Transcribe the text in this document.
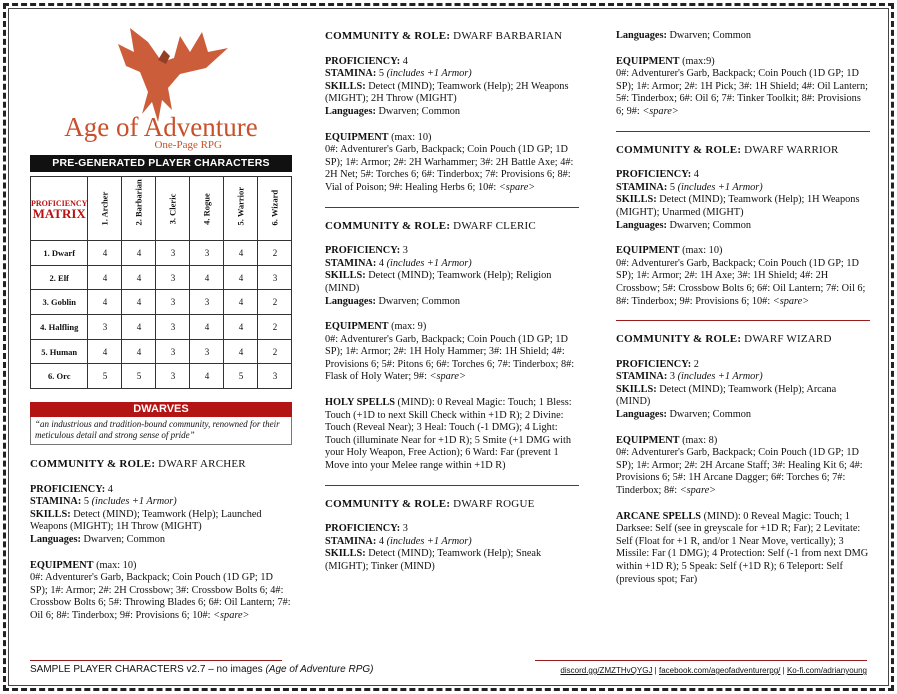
Age of Adventure
One-Page RPG
PRE-GENERATED PLAYER CHARACTERS
PROFICIENCY
MATRIX	1. Archer	2. Barbarian	3. Cleric	4. Rogue	5. Warrior	6. Wizard

1. Dwarf	4	4	3	3	4	2
2. Elf	4	4	3	4	4	3
3. Goblin	4	4	3	3	4	2
4. Halfling	3	4	3	4	4	2
5. Human	4	4	3	3	4	2
6. Orc	5	5	3	4	5	3
DWARVES
“an industrious and tradition-bound community, renowned for their meticulous detail and strong sense of pride”
COMMUNITY & ROLE: DWARF ARCHER
PROFICIENCY: 4
STAMINA: 5 (includes +1 Armor)
SKILLS: Detect (MIND); Teamwork (Help); Launched Weapons (MIGHT); 1H Throw (MIGHT)
Languages: Dwarven; Common
EQUIPMENT (max: 10)
0#: Adventurer's Garb, Backpack; Coin Pouch (1D GP; 1D SP); 1#: Armor; 2#: 2H Crossbow; 3#: Crossbow Bolts 6; 4#: Crossbow Bolts 6; 5#: Throwing Blades 6; 6#: Oil Lantern; 7#: Oil 6; 8#: Tinderbox; 9#: Provisions 6; 10#: <spare>
COMMUNITY & ROLE: DWARF BARBARIAN
PROFICIENCY: 4
STAMINA: 5 (includes +1 Armor)
SKILLS: Detect (MIND); Teamwork (Help); 2H Weapons (MIGHT); 2H Throw (MIGHT)
Languages: Dwarven; Common
EQUIPMENT (max: 10)
0#: Adventurer's Garb, Backpack; Coin Pouch (1D GP; 1D SP); 1#: Armor; 2#: 2H Warhammer; 3#: 2H Battle Axe; 4#: 2H Net; 5#: Torches 6; 6#: Tinderbox; 7#: Provisions 6; 8#: Vial of Poison; 9#: Healing Herbs 6; 10#: <spare>
COMMUNITY & ROLE: DWARF CLERIC
PROFICIENCY: 3
STAMINA: 4 (includes +1 Armor)
SKILLS: Detect (MIND); Teamwork (Help); Religion (MIND)
Languages: Dwarven; Common
EQUIPMENT (max: 9)
0#: Adventurer's Garb, Backpack; Coin Pouch (1D GP; 1D SP); 1#: Armor; 2#: 1H Holy Hammer; 3#: 1H Shield; 4#: Provisions 6; 5#: Pitons 6; 6#: Torches 6; 7#: Tinderbox; 8#: Flask of Holy Water; 9#: <spare>
HOLY SPELLS (MIND): 0 Reveal Magic: Touch; 1 Bless: Touch (+1D to next Skill Check within +1D R); 2 Divine: Touch (Reveal Near); 3 Heal: Touch (-1 DMG); 4 Light: Touch (illuminate Near for +1D R); 5 Smite (+1 DMG with your Holy Weapon, Free Action); 6 Ward: Far (prevent 1 Move into your Melee range within +1D R)
COMMUNITY & ROLE: DWARF ROGUE
PROFICIENCY: 3
STAMINA: 4 (includes +1 Armor)
SKILLS: Detect (MIND); Teamwork (Help); Sneak (MIGHT); Tinker (MIND)
Languages: Dwarven; Common
EQUIPMENT (max:9)
0#: Adventurer's Garb, Backpack; Coin Pouch (1D GP; 1D SP); 1#: Armor; 2#: 1H Pick; 3#: 1H Shield; 4#: Oil Lantern; 5#: Tinderbox; 6#: Oil 6; 7#: Tinker Toolkit; 8#: Provisions 6; 9#: <spare>
COMMUNITY & ROLE: DWARF WARRIOR
PROFICIENCY: 4
STAMINA: 5 (includes +1 Armor)
SKILLS: Detect (MIND); Teamwork (Help); 1H Weapons (MIGHT); Unarmed (MIGHT)
Languages: Dwarven; Common
EQUIPMENT (max: 10)
0#: Adventurer's Garb, Backpack; Coin Pouch (1D GP; 1D SP); 1#: Armor; 2#: 1H Axe; 3#: 1H Shield; 4#: 2H Crossbow; 5#: Crossbow Bolts 6; 6#: Oil Lantern; 7#: Oil 6; 8#: Tinderbox; 9#: Provisions 6; 10#: <spare>
COMMUNITY & ROLE: DWARF WIZARD
PROFICIENCY: 2
STAMINA: 3 (includes +1 Armor)
SKILLS: Detect (MIND); Teamwork (Help); Arcana (MIND)
Languages: Dwarven; Common
EQUIPMENT (max: 8)
0#: Adventurer's Garb, Backpack; Coin Pouch (1D GP; 1D SP); 1#: Armor; 2#: 2H Arcane Staff; 3#: Healing Kit 6; 4#: Provisions 6; 5#: 1H Arcane Dagger; 6#: Torches 6; 7#: Tinderbox; 8#: <spare>
ARCANE SPELLS (MIND): 0 Reveal Magic: Touch; 1 Darksee: Self (see in greyscale for +1D R; Far); 2 Levitate: Self (Float for +1 R, and/or 1 Near Move, vertically); 3 Missile: Far (1 DMG); 4 Protection: Self (-1 from next DMG within +1D R); 5 Speak: Self (+1D R); 6 Teleport: Self (previous spot; Far)
SAMPLE PLAYER CHARACTERS v2.7 – no images (Age of Adventure RPG)	discord.gg/ZMZTHvQYGJ | facebook.com/ageofadventurerpg/ | Ko-fi.com/adrianyoung
